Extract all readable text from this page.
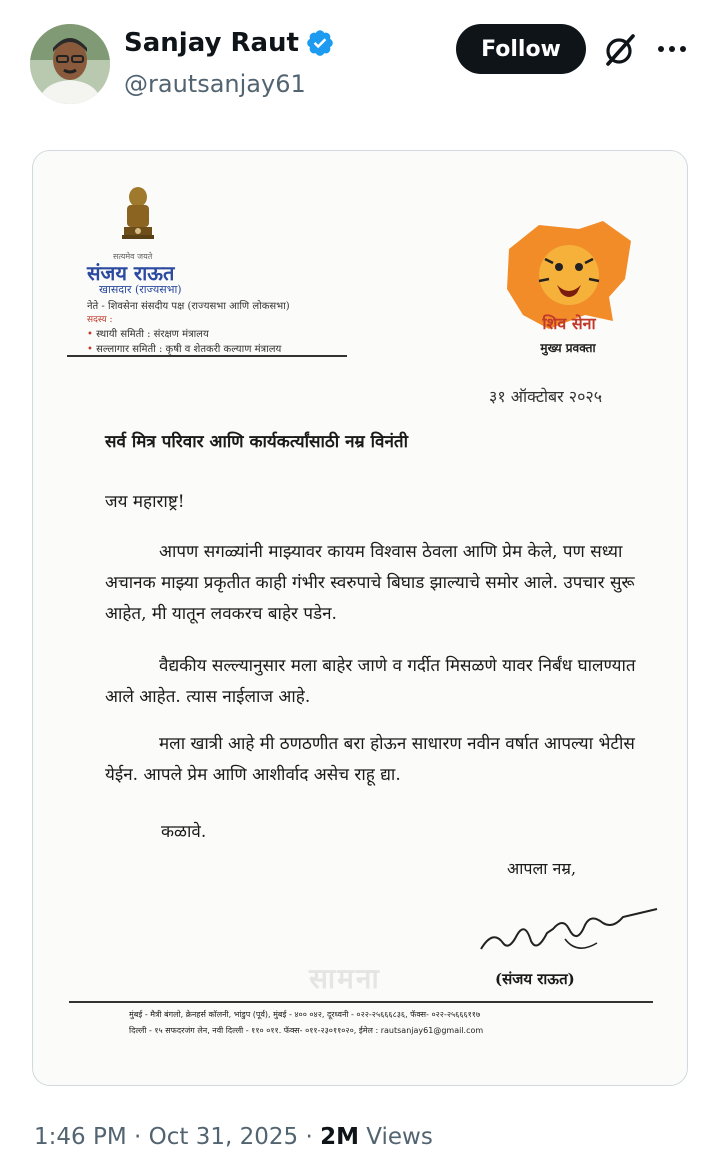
Sanjay Raut
@rautsanjay61
Follow
सत्यमेव जयते
संजय राऊत
खासदार (राज्यसभा)
नेते - शिवसेना संसदीय पक्ष (राज्यसभा आणि लोकसभा)
सदस्य :
• स्थायी समिती : संरक्षण मंत्रालय
• सल्लागार समिती : कृषी व शेतकरी कल्याण मंत्रालय
शिव सेना
मुख्य प्रवक्ता
३१ ऑक्टोबर २०२५
सर्व मित्र परिवार आणि कार्यकर्त्यांसाठी नम्र विनंती
जय महाराष्ट्र!
आपण सगळ्यांनी माझ्यावर कायम विश्वास ठेवला आणि प्रेम केले, पण सध्या अचानक माझ्या प्रकृतीत काही गंभीर स्वरुपाचे बिघाड झाल्याचे समोर आले. उपचार सुरू आहेत, मी यातून लवकरच बाहेर पडेन.
वैद्यकीय सल्ल्यानुसार मला बाहेर जाणे व गर्दीत मिसळणे यावर निर्बंध घालण्यात आले आहेत. त्यास नाईलाज आहे.
मला खात्री आहे मी ठणठणीत बरा होऊन साधारण नवीन वर्षात आपल्या भेटीस येईन. आपले प्रेम आणि आशीर्वाद असेच राहू द्या.
कळावे.
आपला नम्र,
सामना	(संजय राऊत)
मुंबई - मैत्री बंगलो, क्रेनहर्स कॉलनी, भांडुप (पूर्व), मुंबई - ४०० ०४२, दूरध्वनी - ०२२-२५६६६८३६, फॅक्स- ०२२-२५६६६११७
दिल्ली - १५ सफदरजंग लेन, नवी दिल्ली - ११० ०११. फॅक्स- ०११-२३०११०२०, ईमेल : rautsanjay61@gmail.com
1:46 PM · Oct 31, 2025 · 2M Views
